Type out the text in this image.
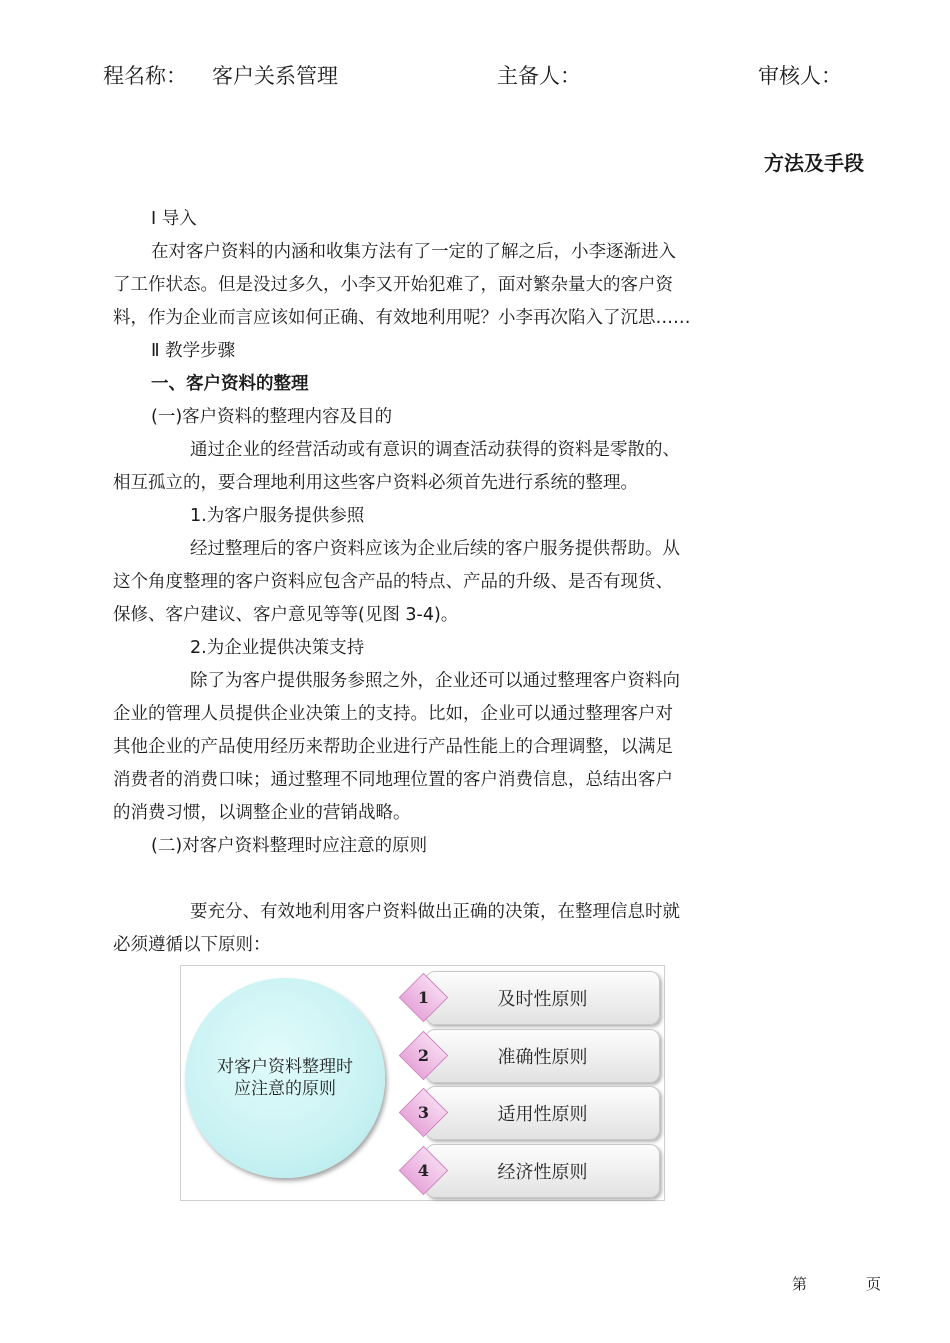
程名称： 客户关系管理	主备人：	审核人：
方法及手段
Ⅰ 导入
在对客户资料的内涵和收集方法有了一定的了解之后，小李逐渐进入
了工作状态。但是没过多久，小李又开始犯难了，面对繁杂量大的客户资
料，作为企业而言应该如何正确、有效地利用呢？小李再次陷入了沉思……
Ⅱ 教学步骤
一、客户资料的整理
(一)客户资料的整理内容及目的
通过企业的经营活动或有意识的调查活动获得的资料是零散的、
相互孤立的，要合理地利用这些客户资料必须首先进行系统的整理。
1.为客户服务提供参照
经过整理后的客户资料应该为企业后续的客户服务提供帮助。从
这个角度整理的客户资料应包含产品的特点、产品的升级、是否有现货、
保修、客户建议、客户意见等等(见图 3-4)。
2.为企业提供决策支持
除了为客户提供服务参照之外，企业还可以通过整理客户资料向
企业的管理人员提供企业决策上的支持。比如，企业可以通过整理客户对
其他企业的产品使用经历来帮助企业进行产品性能上的合理调整，以满足
消费者的消费口味；通过整理不同地理位置的客户消费信息，总结出客户
的消费习惯，以调整企业的营销战略。
(二)对客户资料整理时应注意的原则
要充分、有效地利用客户资料做出正确的决策，在整理信息时就
必须遵循以下原则：
对客户资料整理时应注意的原则
及时性原则
1
准确性原则
2
适用性原则
3
经济性原则
4
第	页
